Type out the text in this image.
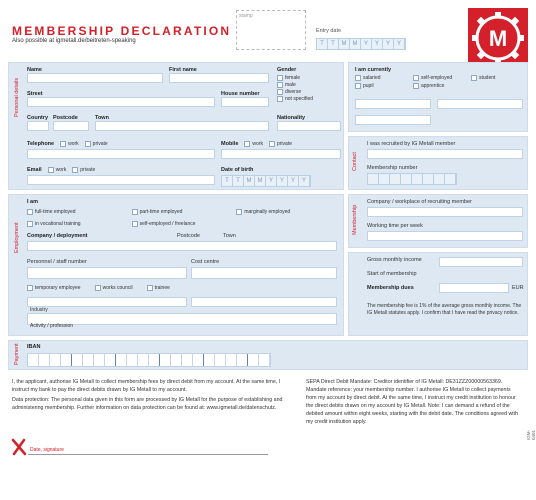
MEMBERSHIP DECLARATION
Also possible at igmetall.de/beitreten-speaking
stamp
Entry date
T	T	M	M	Y	Y	Y	Y	M
Personal details
Name	First name	Gender
female
male
diverse
not specified
Street	House number
Country Postcode	Town	Nationality
Telephone	work	private	Mobile	work	private
Email	work	private	Date of birth
T	T	M	M	Y	Y	Y	Y
Employment
I am
full-time employed	part-time employed	marginally employed
in vocational training	self-employed / freelance
Company / deployment	Postcode	Town
Personnel / staff number	Cost centre
temporary employee	works council	trainee
Industry
Activity / profession
I am currently
salaried	self-employed	student
pupil	apprentice
Contact
I was recruited by IG Metall member
Membership number
Membership
Company / workplace of recruiting member
Working time per week
Gross monthly income
Start of membership
Membership dues	EUR
The membership fee is 1% of the average gross monthly income. The IG Metall statutes apply. I confirm that I have read the privacy notice.
Payment IBAN
I, the applicant, authorise IG Metall to collect membership fees by direct debit from my account. At the same time, I instruct my bank to pay the direct debits drawn by IG Metall to my account.
Data protection: The personal data given in this form are processed by IG Metall for the purpose of establishing and administering membership. Further information on data protection can be found at: www.igmetall.de/datenschutz.
SEPA Direct Debit Mandate: Creditor identifier of IG Metall: DE31ZZZ00000563369. Mandate reference: your membership number. I authorise IG Metall to collect payments from my account by direct debit. At the same time, I instruct my credit institution to honour the direct debits drawn on my account by IG Metall. Note: I can demand a refund of the debited amount within eight weeks, starting with the debit date. The conditions agreed with my credit institution apply.
IGM-0401
Date, signature
